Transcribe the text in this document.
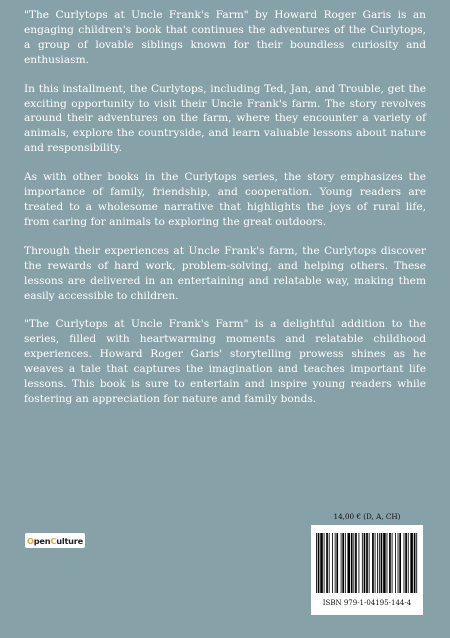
"The Curlytops at Uncle Frank's Farm" by Howard Roger Garis is an engaging children's book that continues the adventures of the Curlytops, a group of lovable siblings known for their boundless curiosity and enthusiasm.

In this installment, the Curlytops, including Ted, Jan, and Trouble, get the exciting opportunity to visit their Uncle Frank's farm. The story revolves around their adventures on the farm, where they encounter a variety of animals, explore the countryside, and learn valuable lessons about nature and responsibility.

As with other books in the Curlytops series, the story emphasizes the importance of family, friendship, and cooperation. Young readers are treated to a wholesome narrative that highlights the joys of rural life, from caring for animals to exploring the great outdoors.

Through their experiences at Uncle Frank's farm, the Curlytops discover the rewards of hard work, problem-solving, and helping others. These lessons are delivered in an entertaining and relatable way, making them easily accessible to children.

"The Curlytops at Uncle Frank's Farm" is a delightful addition to the series, filled with heartwarming moments and relatable childhood experiences. Howard Roger Garis' storytelling prowess shines as he weaves a tale that captures the imagination and teaches important life lessons. This book is sure to entertain and inspire young readers while fostering an appreciation for nature and family bonds.

O pen C ulture
14,00 € (D, A, CH)
ISBN 979-1-04195-144-4
